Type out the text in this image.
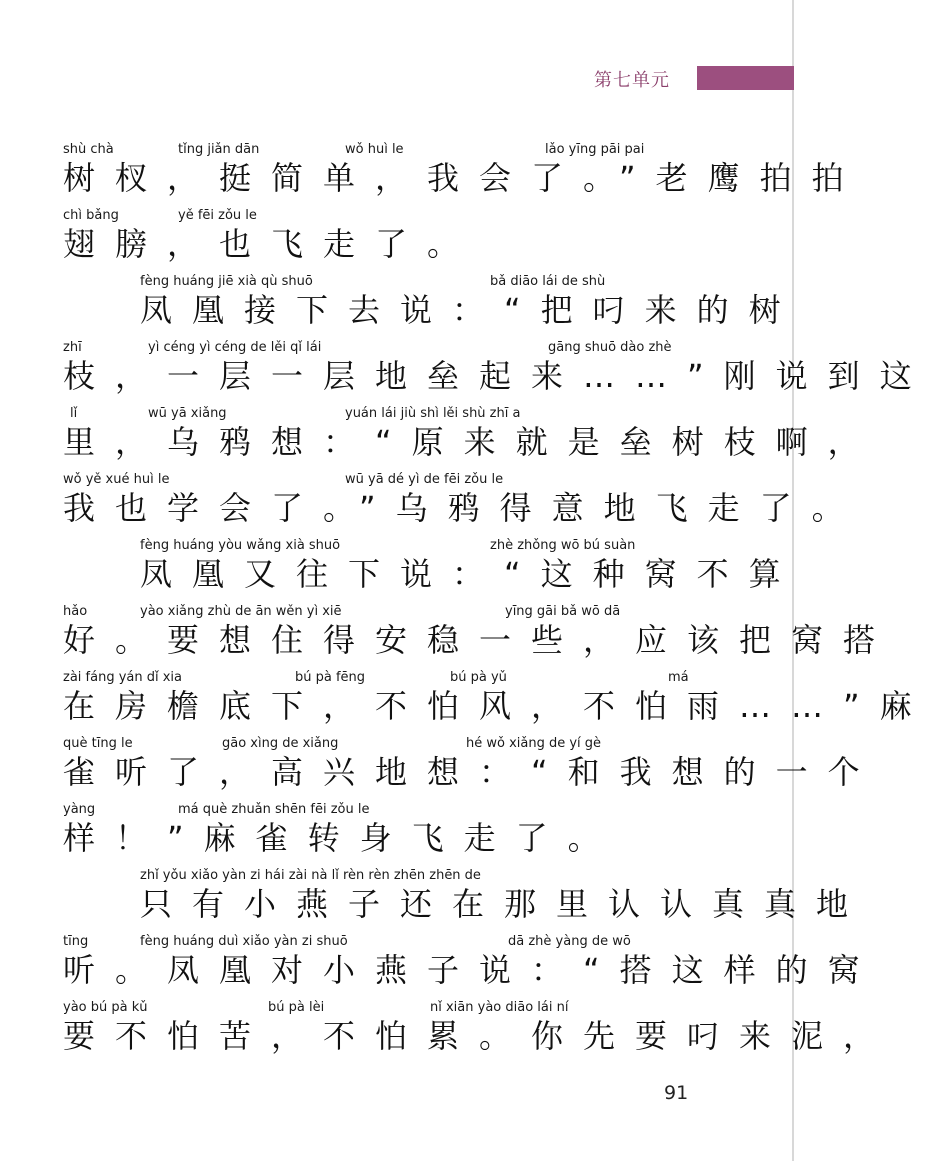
第七单元
shù chà	tǐng jiǎn dān	wǒ huì le	lǎo yīng pāi pai
树杈，挺简单，我会了。”老鹰拍拍
chì bǎng	yě fēi zǒu le
翅膀，也飞走了。
fèng huáng jiē xià qù shuō	bǎ diāo lái de shù
凤凰接下去说：“把叼来的树
zhī	yì céng yì céng de lěi qǐ lái	gāng shuō dào zhè
枝，一层一层地垒起来……”刚说到这
lǐ	wū yā xiǎng	yuán lái jiù shì lěi shù zhī a
里，乌鸦想：“原来就是垒树枝啊，
wǒ yě xué huì le	wū yā dé yì de fēi zǒu le
我也学会了。”乌鸦得意地飞走了。
fèng huáng yòu wǎng xià shuō	zhè zhǒng wō bú suàn
凤凰又往下说：“这种窝不算
hǎo	yào xiǎng zhù de ān wěn yì xiē	yīng gāi bǎ wō dā
好。要想住得安稳一些，应该把窝搭
zài fáng yán dǐ xia	bú pà fēng	bú pà yǔ	má
在房檐底下，不怕风，不怕雨……”麻
què tīng le	gāo xìng de xiǎng	hé wǒ xiǎng de yí gè
雀听了，高兴地想：“和我想的一个
yàng	má què zhuǎn shēn fēi zǒu le
样！”麻雀转身飞走了。
zhǐ yǒu xiǎo yàn zi hái zài nà lǐ rèn rèn zhēn zhēn de
只有小燕子还在那里认认真真地
tīng	fèng huáng duì xiǎo yàn zi shuō	dā zhè yàng de wō
听。凤凰对小燕子说：“搭这样的窝
yào bú pà kǔ	bú pà lèi	nǐ xiān yào diāo lái ní
要不怕苦，不怕累。你先要叼来泥，
91
